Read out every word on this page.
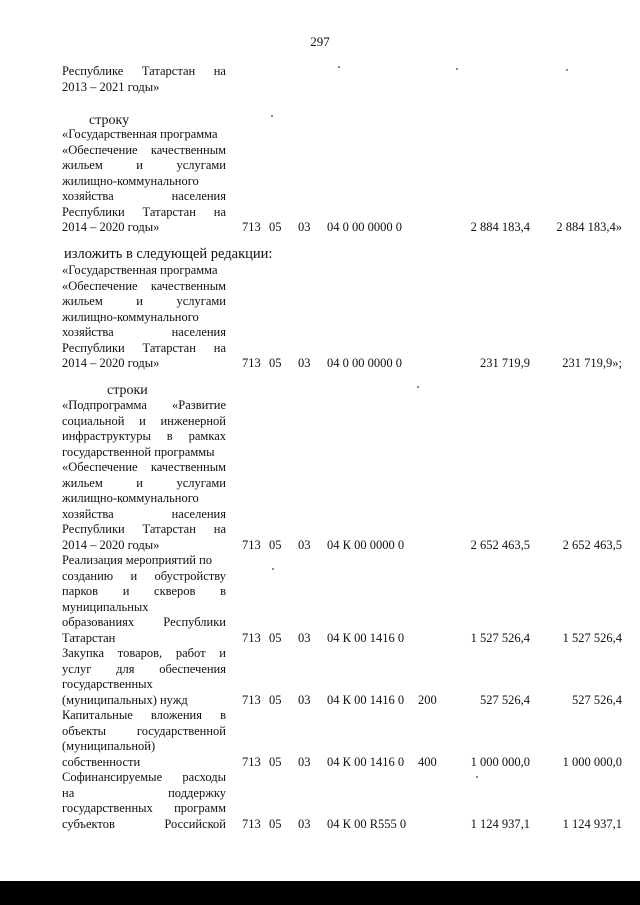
297
Республике Татарстан на
2013 – 2021 годы»
строку
«Государственная программа
«Обеспечение качественным
жильем	и	услугами
жилищно-коммунального
хозяйства	населения
Республики Татарстан на
2014 – 2020 годы»	713 05	03	04 0 00 0000 0	2 884 183,4	2 884 183,4»
изложить в следующей редакции:
«Государственная программа
«Обеспечение качественным
жильем	и	услугами
жилищно-коммунального
хозяйства	населения
Республики Татарстан на
2014 – 2020 годы»	713 05	03	04 0 00 0000 0	231 719,9	231 719,9»;
строки
«Подпрограмма «Развитие
социальной и инженерной
инфраструктуры в рамках
государственной программы
«Обеспечение качественным
жильем	и	услугами
жилищно-коммунального
хозяйства	населения
Республики Татарстан на
2014 – 2020 годы»	713 05	03	04 К 00 0000 0	2 652 463,5	2 652 463,5
Реализация мероприятий по
созданию и обустройству
парков и скверов в
муниципальных
образованиях Республики
Татарстан	713 05	03	04 К 00 1416 0	1 527 526,4	1 527 526,4
Закупка товаров, работ и
услуг для обеспечения
государственных
(муниципальных) нужд	713 05	03	04 К 00 1416 0	200	527 526,4	527 526,4
Капитальные вложения в
объекты государственной
(муниципальной)
собственности	713 05	03	04 К 00 1416 0	400	1 000 000,0	1 000 000,0
Софинансируемые расходы
на	поддержку
государственных программ
субъектов	Российской 713 05	03	04 К 00 R555 0	1 124 937,1	1 124 937,1
